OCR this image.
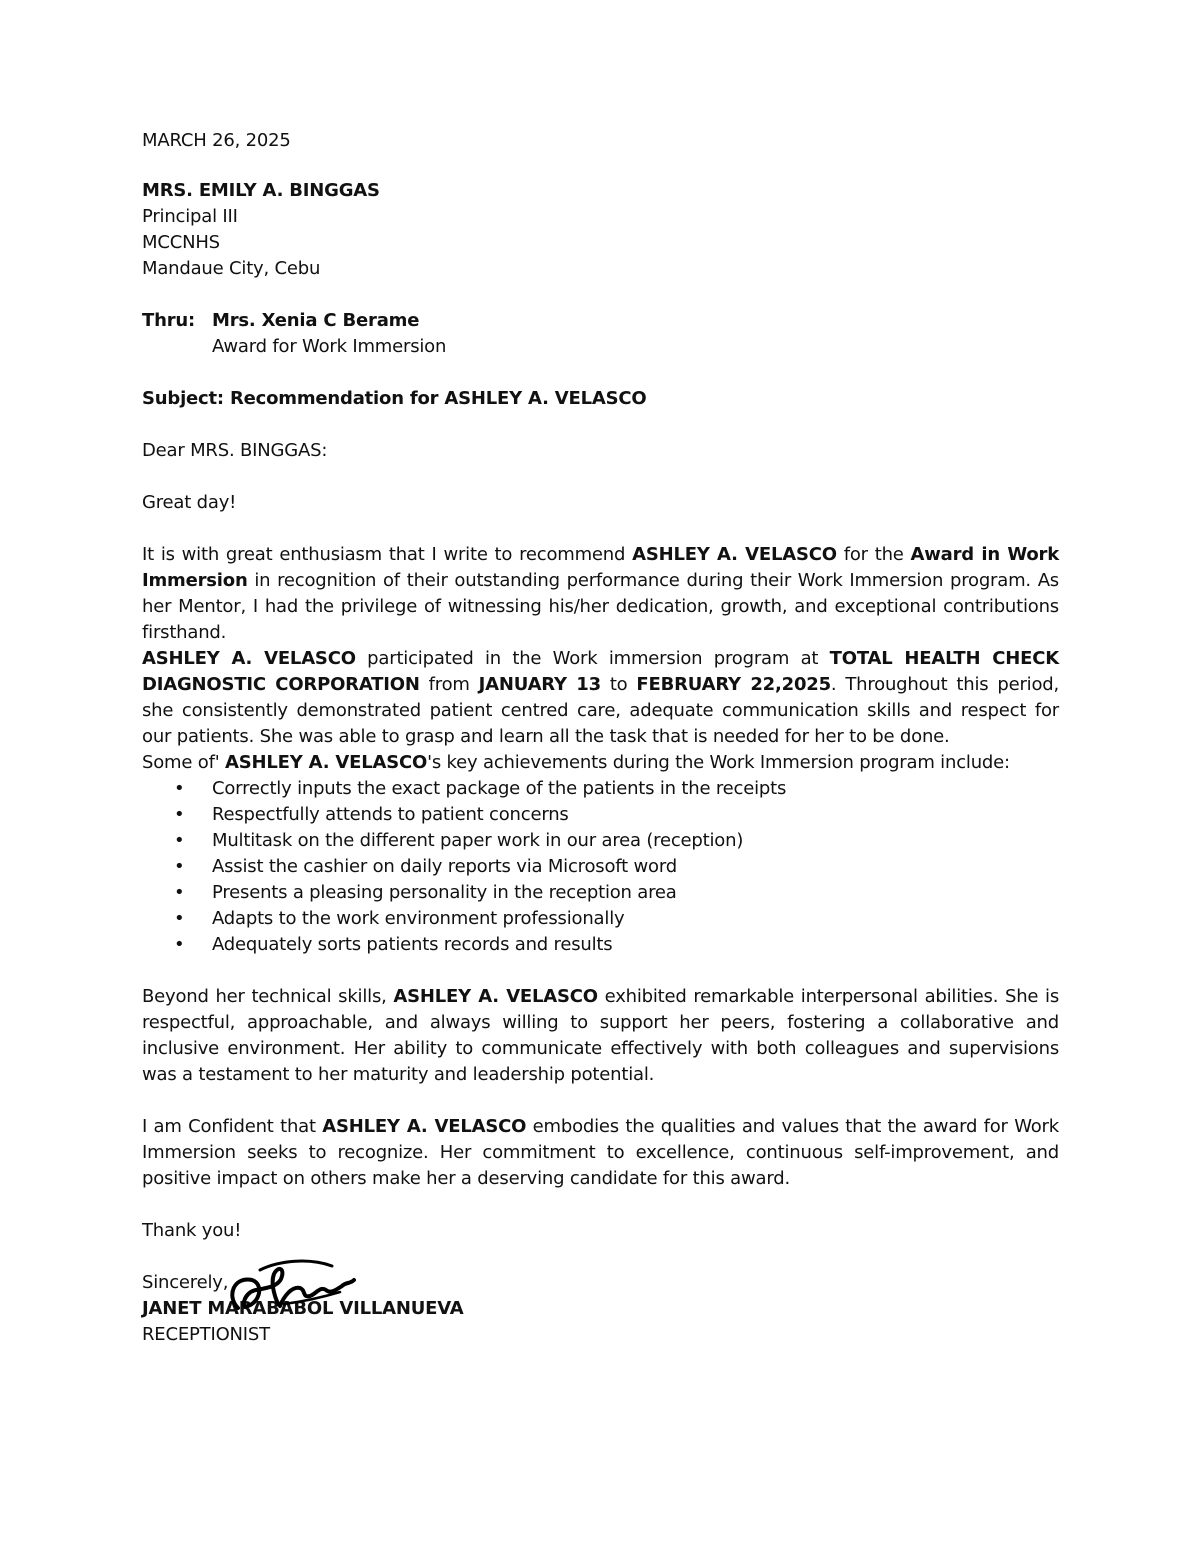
MARCH 26, 2025
MRS. EMILY A. BINGGAS
Principal III
MCCNHS
Mandaue City, Cebu
Thru: Mrs. Xenia C Berame
Award for Work Immersion
Subject: Recommendation for ASHLEY A. VELASCO
Dear MRS. BINGGAS:
Great day!
It is with great enthusiasm that I write to recommend ASHLEY A. VELASCO for the Award in Work Immersion in recognition of their outstanding performance during their Work Immersion program. As her Mentor, I had the privilege of witnessing his/her dedication, growth, and exceptional contributions firsthand.
ASHLEY A. VELASCO participated in the Work immersion program at TOTAL HEALTH CHECK DIAGNOSTIC CORPORATION from JANUARY 13 to FEBRUARY 22,2025. Throughout this period, she consistently demonstrated patient centred care, adequate communication skills and respect for our patients. She was able to grasp and learn all the task that is needed for her to be done.
Some of' ASHLEY A. VELASCO's key achievements during the Work Immersion program include:
• Correctly inputs the exact package of the patients in the receipts
• Respectfully attends to patient concerns
• Multitask on the different paper work in our area (reception)
• Assist the cashier on daily reports via Microsoft word
• Presents a pleasing personality in the reception area
• Adapts to the work environment professionally
• Adequately sorts patients records and results
Beyond her technical skills, ASHLEY A. VELASCO exhibited remarkable interpersonal abilities. She is respectful, approachable, and always willing to support her peers, fostering a collaborative and inclusive environment. Her ability to communicate effectively with both colleagues and supervisions was a testament to her maturity and leadership potential.
I am Confident that ASHLEY A. VELASCO embodies the qualities and values that the award for Work Immersion seeks to recognize. Her commitment to excellence, continuous self-improvement, and positive impact on others make her a deserving candidate for this award.
Thank you!
Sincerely,
JANET MARABABOL VILLANUEVA
RECEPTIONIST
